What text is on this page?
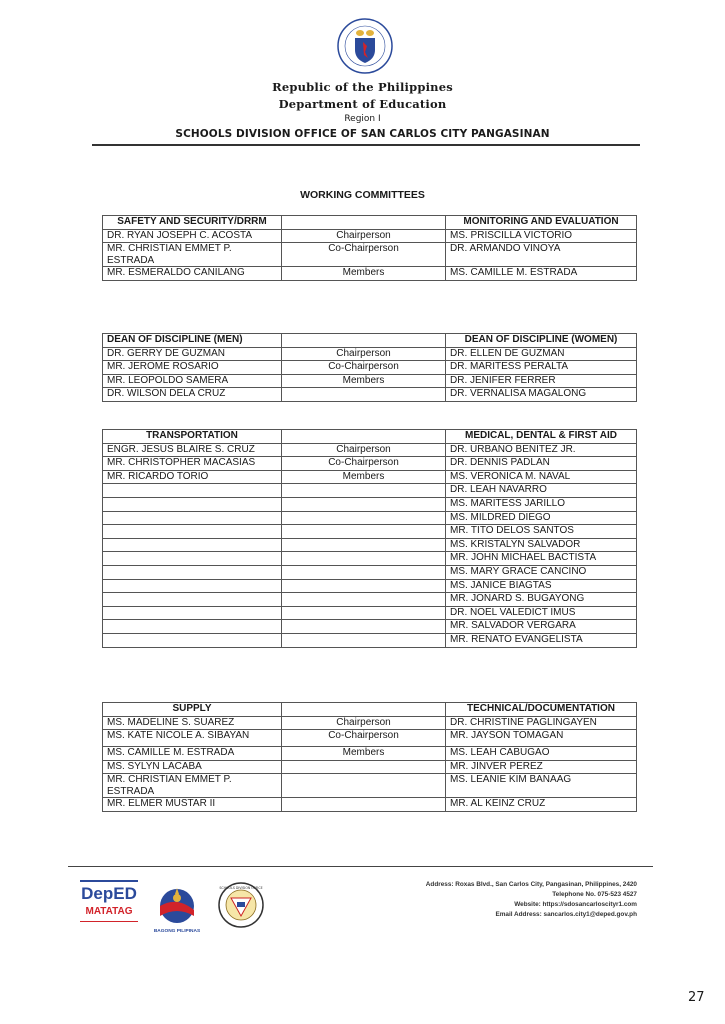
Republic of the Philippines
Department of Education
Region I
SCHOOLS DIVISION OFFICE OF SAN CARLOS CITY PANGASINAN
WORKING COMMITTEES
SAFETY AND SECURITY/DRRM		MONITORING AND EVALUATION
DR. RYAN JOSEPH C. ACOSTA	Chairperson	MS. PRISCILLA VICTORIO
MR. CHRISTIAN EMMET P. ESTRADA	Co-Chairperson	DR. ARMANDO VINOYA
MR. ESMERALDO CANILANG	Members	MS. CAMILLE M. ESTRADA
DEAN OF DISCIPLINE (MEN)		DEAN OF DISCIPLINE (WOMEN)
DR. GERRY DE GUZMAN	Chairperson	DR. ELLEN DE GUZMAN
MR. JEROME ROSARIO	Co-Chairperson	DR. MARITESS PERALTA
MR. LEOPOLDO SAMERA	Members	DR. JENIFER FERRER
DR. WILSON DELA CRUZ		DR. VERNALISA MAGALONG
TRANSPORTATION		MEDICAL, DENTAL & FIRST AID
ENGR. JESUS BLAIRE S. CRUZ	Chairperson	DR. URBANO BENITEZ JR.
MR. CHRISTOPHER MACASIAS	Co-Chairperson	DR. DENNIS PADLAN
MR. RICARDO TORIO	Members	MS. VERONICA M. NAVAL
		DR. LEAH NAVARRO
		MS. MARITESS JARILLO
		MS. MILDRED DIEGO
		MR. TITO DELOS SANTOS
		MS. KRISTALYN SALVADOR
		MR. JOHN MICHAEL BACTISTA
		MS. MARY GRACE CANCINO
		MS. JANICE BIAGTAS
		MR. JONARD S. BUGAYONG
		DR. NOEL VALEDICT IMUS
		MR. SALVADOR VERGARA
		MR. RENATO EVANGELISTA
SUPPLY		TECHNICAL/DOCUMENTATION
MS. MADELINE S. SUAREZ	Chairperson	DR. CHRISTINE PAGLINGAYEN
MS. KATE NICOLE A. SIBAYAN	Co-Chairperson	MR. JAYSON TOMAGAN
MS. CAMILLE M. ESTRADA	Members	MS. LEAH CABUGAO
MS. SYLYN LACABA		MR. JINVER PEREZ
MR. CHRISTIAN EMMET P. ESTRADA		MS. LEANIE KIM BANAAG
MR. ELMER MUSTAR II		MR. AL KEINZ CRUZ
DepED
MATATAG
BAGONG PILIPINAS
SCHOOLS DIVISION OFFICE	Address: Roxas Blvd., San Carlos City, Pangasinan, Philippines, 2420
Telephone No. 075-523 4527
Website: https://sdosancarloscityr1.com
Email Address: sancarlos.city1@deped.gov.ph
27
